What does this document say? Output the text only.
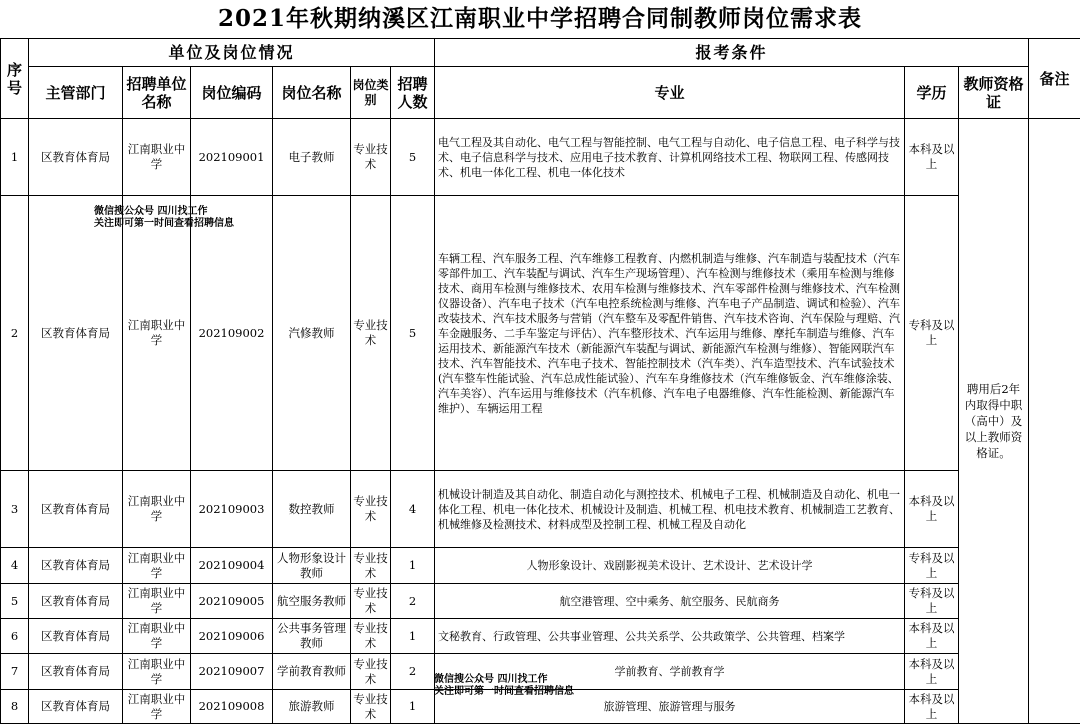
2021年秋期纳溪区江南职业中学招聘合同制教师岗位需求表
序号	单位及岗位情况						报考条件			备注
	主管部门	招聘单位名称	岗位编码	岗位名称	岗位类别	招聘人数	专业	学历	教师资格证	
1	区教育体育局	江南职业中学	202109001	电子教师	专业技术	5	电气工程及其自动化、电气工程与智能控制、电气工程与自动化、电子信息工程、电子科学与技术、电子信息科学与技术、应用电子技术教育、计算机网络技术工程、物联网工程、传感网技术、机电一体化工程、机电一体化技术	本科及以上	聘用后2年内取得中职（高中）及以上教师资格证。	
2	区教育体育局	江南职业中学	202109002	汽修教师	专业技术	5	车辆工程、汽车服务工程、汽车维修工程教育、内燃机制造与维修、汽车制造与装配技术（汽车零部件加工、汽车装配与调试、汽车生产现场管理）、汽车检测与维修技术（乘用车检测与维修技术、商用车检测与维修技术、农用车检测与维修技术、汽车零部件检测与维修技术、汽车检测仪器设备）、汽车电子技术（汽车电控系统检测与维修、汽车电子产品制造、调试和检验）、汽车改装技术、汽车技术服务与营销（汽车整车及零配件销售、汽车技术咨询、汽车保险与理赔、汽车金融服务、二手车鉴定与评估）、汽车整形技术、汽车运用与维修、摩托车制造与维修、汽车运用技术、新能源汽车技术（新能源汽车装配与调试、新能源汽车检测与维修）、智能网联汽车技术、汽车智能技术、汽车电子技术、智能控制技术（汽车类）、汽车造型技术、汽车试验技术(汽车整车性能试验、汽车总成性能试验）、汽车车身维修技术（汽车维修钣金、汽车维修涂装、汽车美容）、汽车运用与维修技术（汽车机修、汽车电子电器维修、汽车性能检测、新能源汽车维护）、车辆运用工程	专科及以上		
3	区教育体育局	江南职业中学	202109003	数控教师	专业技术	4	机械设计制造及其自动化、制造自动化与测控技术、机械电子工程、机械制造及自动化、机电一体化工程、机电一体化技术、机械设计及制造、机械工程、机电技术教育、机械制造工艺教育、机械维修及检测技术、材料成型及控制工程、机械工程及自动化	本科及以上		
4	区教育体育局	江南职业中学	202109004	人物形象设计教师	专业技术	1	人物形象设计、戏剧影视美术设计、艺术设计、艺术设计学	专科及以上		
5	区教育体育局	江南职业中学	202109005	航空服务教师	专业技术	2	航空港管理、空中乘务、航空服务、民航商务	专科及以上		
6	区教育体育局	江南职业中学	202109006	公共事务管理教师	专业技术	1	文秘教育、行政管理、公共事业管理、公共关系学、公共政策学、公共管理、档案学	本科及以上		
7	区教育体育局	江南职业中学	202109007	学前教育教师	专业技术	2	学前教育、学前教育学	本科及以上		
8	区教育体育局	江南职业中学	202109008	旅游教师	专业技术	1	旅游管理、旅游管理与服务	本科及以上		
微信搜公众号 四川找工作
关注即可第一时间查看招聘信息
微信搜公众号 四川找工作
关注即可第一时间查看招聘信息
